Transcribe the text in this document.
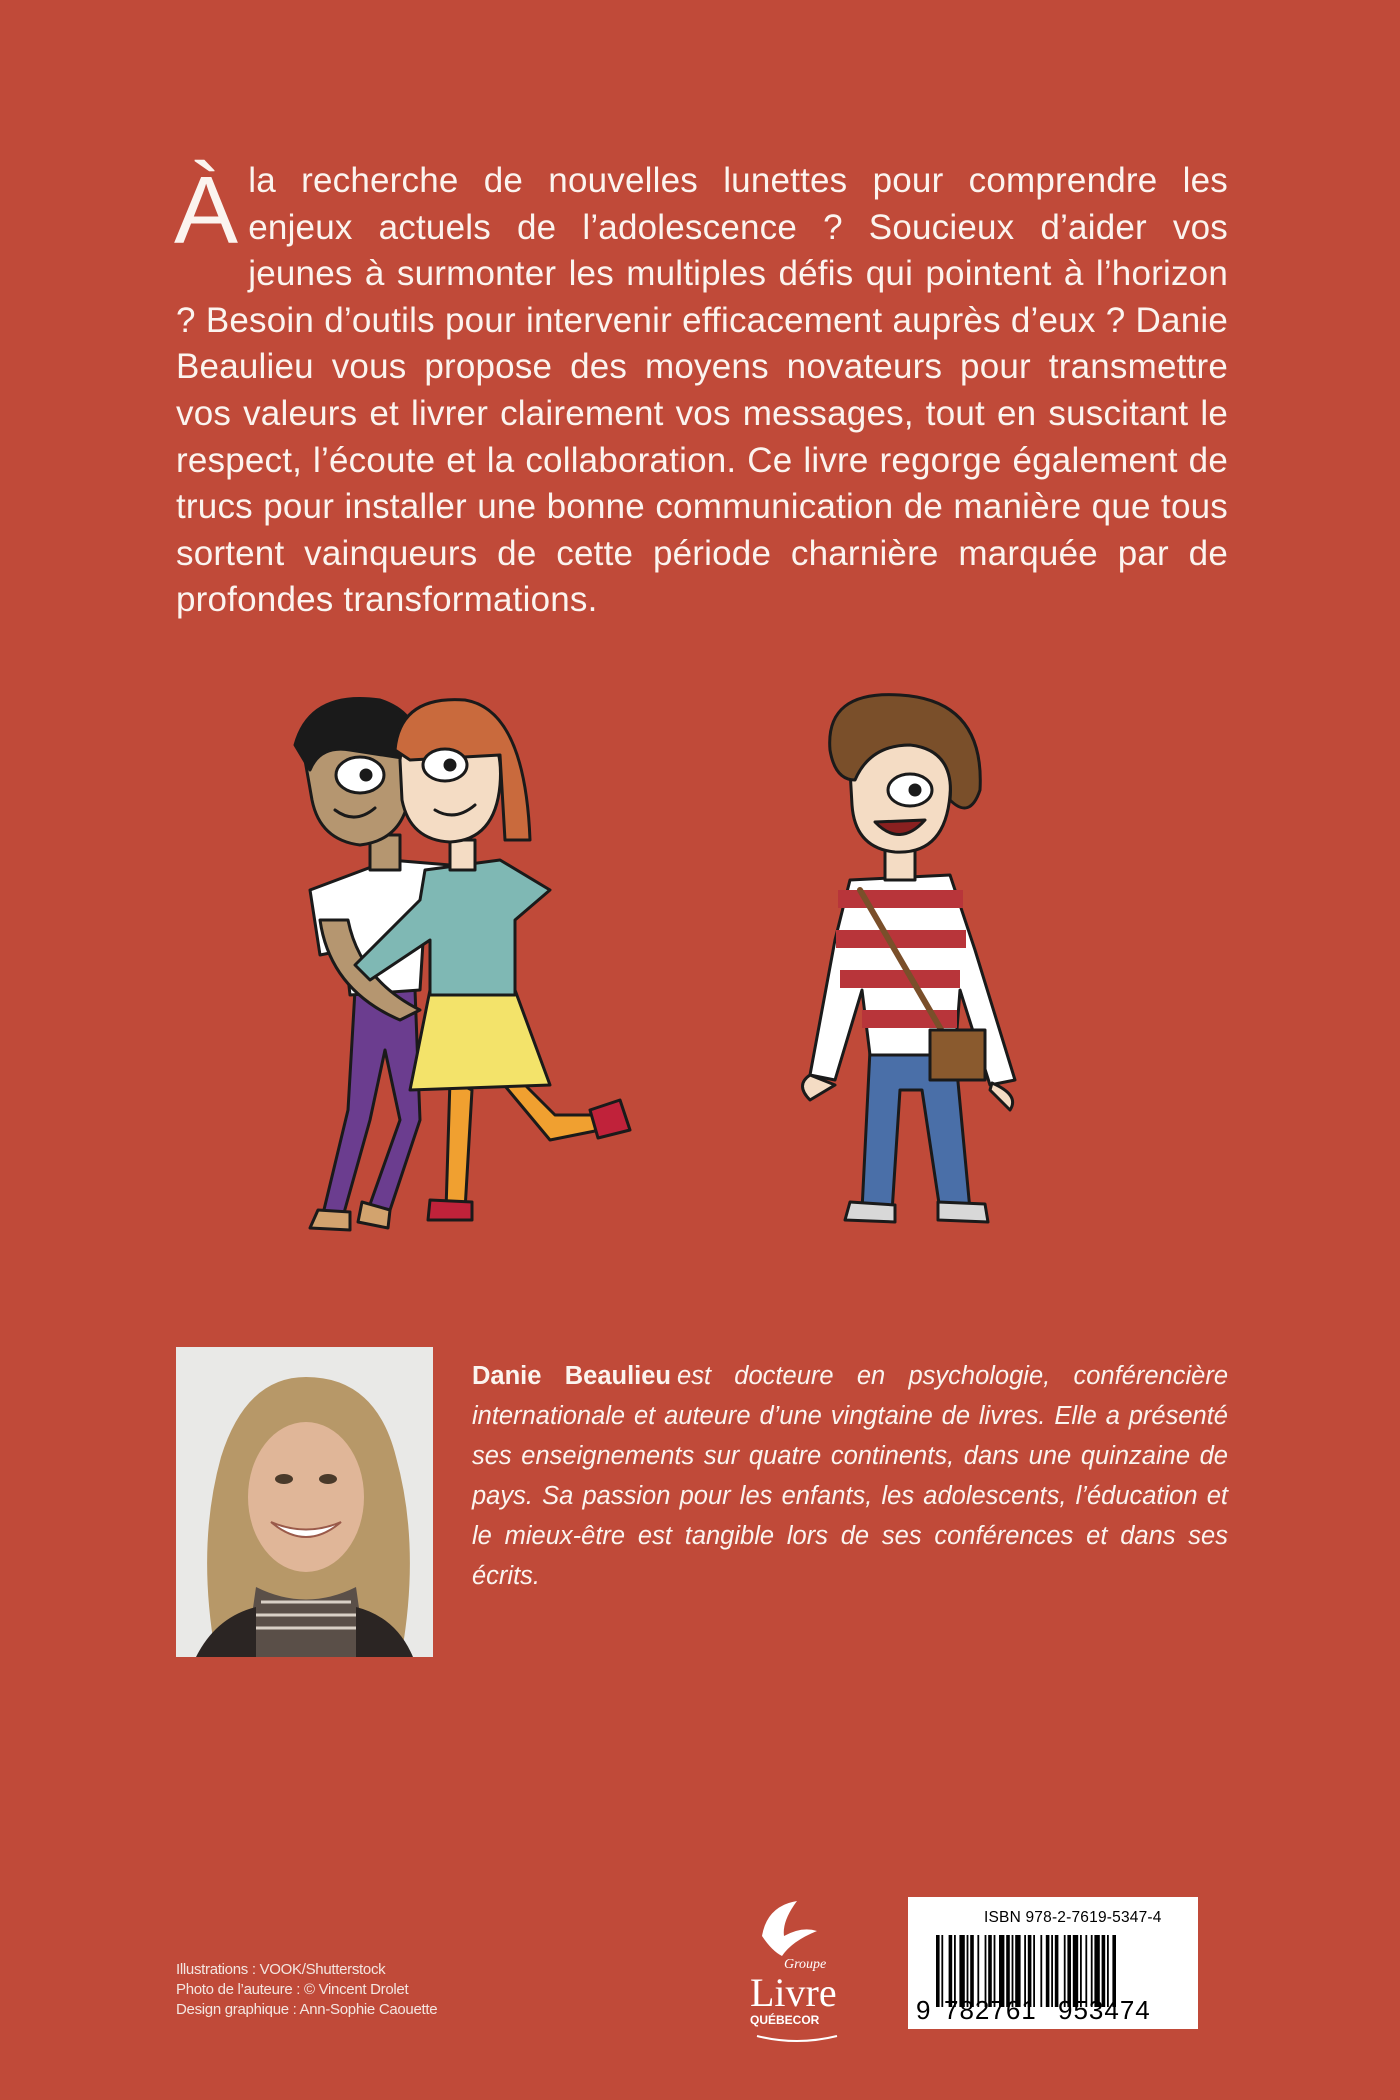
À la recherche de nouvelles lunettes pour comprendre les enjeux actuels de l’adolescence ? Soucieux d’aider vos jeunes à surmonter les multiples défis qui pointent à l’horizon ? Besoin d’outils pour intervenir efficacement auprès d’eux ? Danie Beaulieu vous propose des moyens novateurs pour transmettre vos valeurs et livrer clairement vos messages, tout en suscitant le respect, l’écoute et la collaboration. Ce livre regorge également de trucs pour installer une bonne communication de manière que tous sortent vainqueurs de cette période charnière marquée par de profondes transformations.
Danie Beaulieu est docteure en psychologie, conférencière internationale et auteure d’une vingtaine de livres. Elle a présenté ses enseignements sur quatre continents, dans une quinzaine de pays. Sa passion pour les enfants, les adolescents, l’éducation et le mieux-être est tangible lors de ses conférences et dans ses écrits.
Illustrations : VOOK/Shutterstock
Photo de l’auteure : © Vincent Drolet
Design graphique : Ann-Sophie Caouette
Groupe
Livre
QUÉBECOR
ISBN 978-2-7619-5347-4
9 782761 953474
